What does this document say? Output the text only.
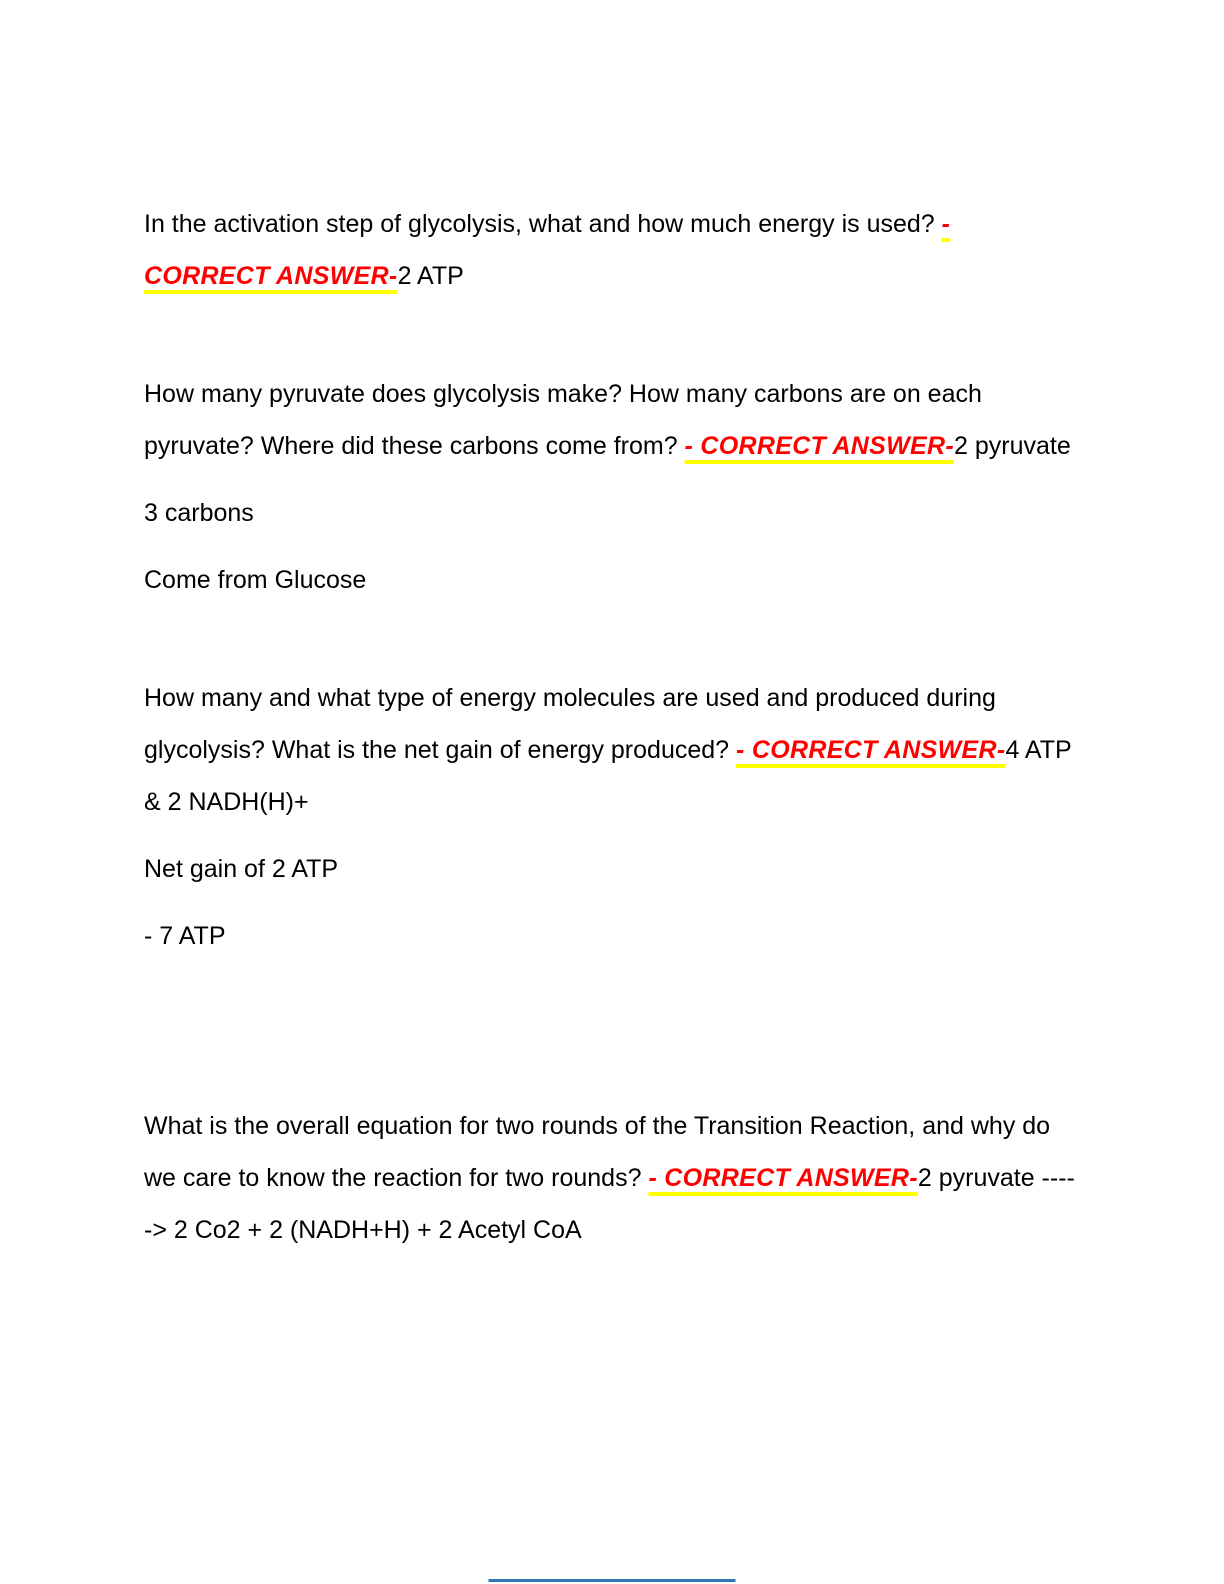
In the activation step of glycolysis, what and how much energy is used? - CORRECT ANSWER-2 ATP

How many pyruvate does glycolysis make? How many carbons are on each pyruvate? Where did these carbons come from? - CORRECT ANSWER-2 pyruvate

3 carbons

Come from Glucose

How many and what type of energy molecules are used and produced during glycolysis? What is the net gain of energy produced? - CORRECT ANSWER-4 ATP & 2 NADH(H)+

Net gain of 2 ATP

- 7 ATP

What is the overall equation for two rounds of the Transition Reaction, and why do we care to know the reaction for two rounds? - CORRECT ANSWER-2 pyruvate -----> 2 Co2 + 2 (NADH+H) + 2 Acetyl CoA
